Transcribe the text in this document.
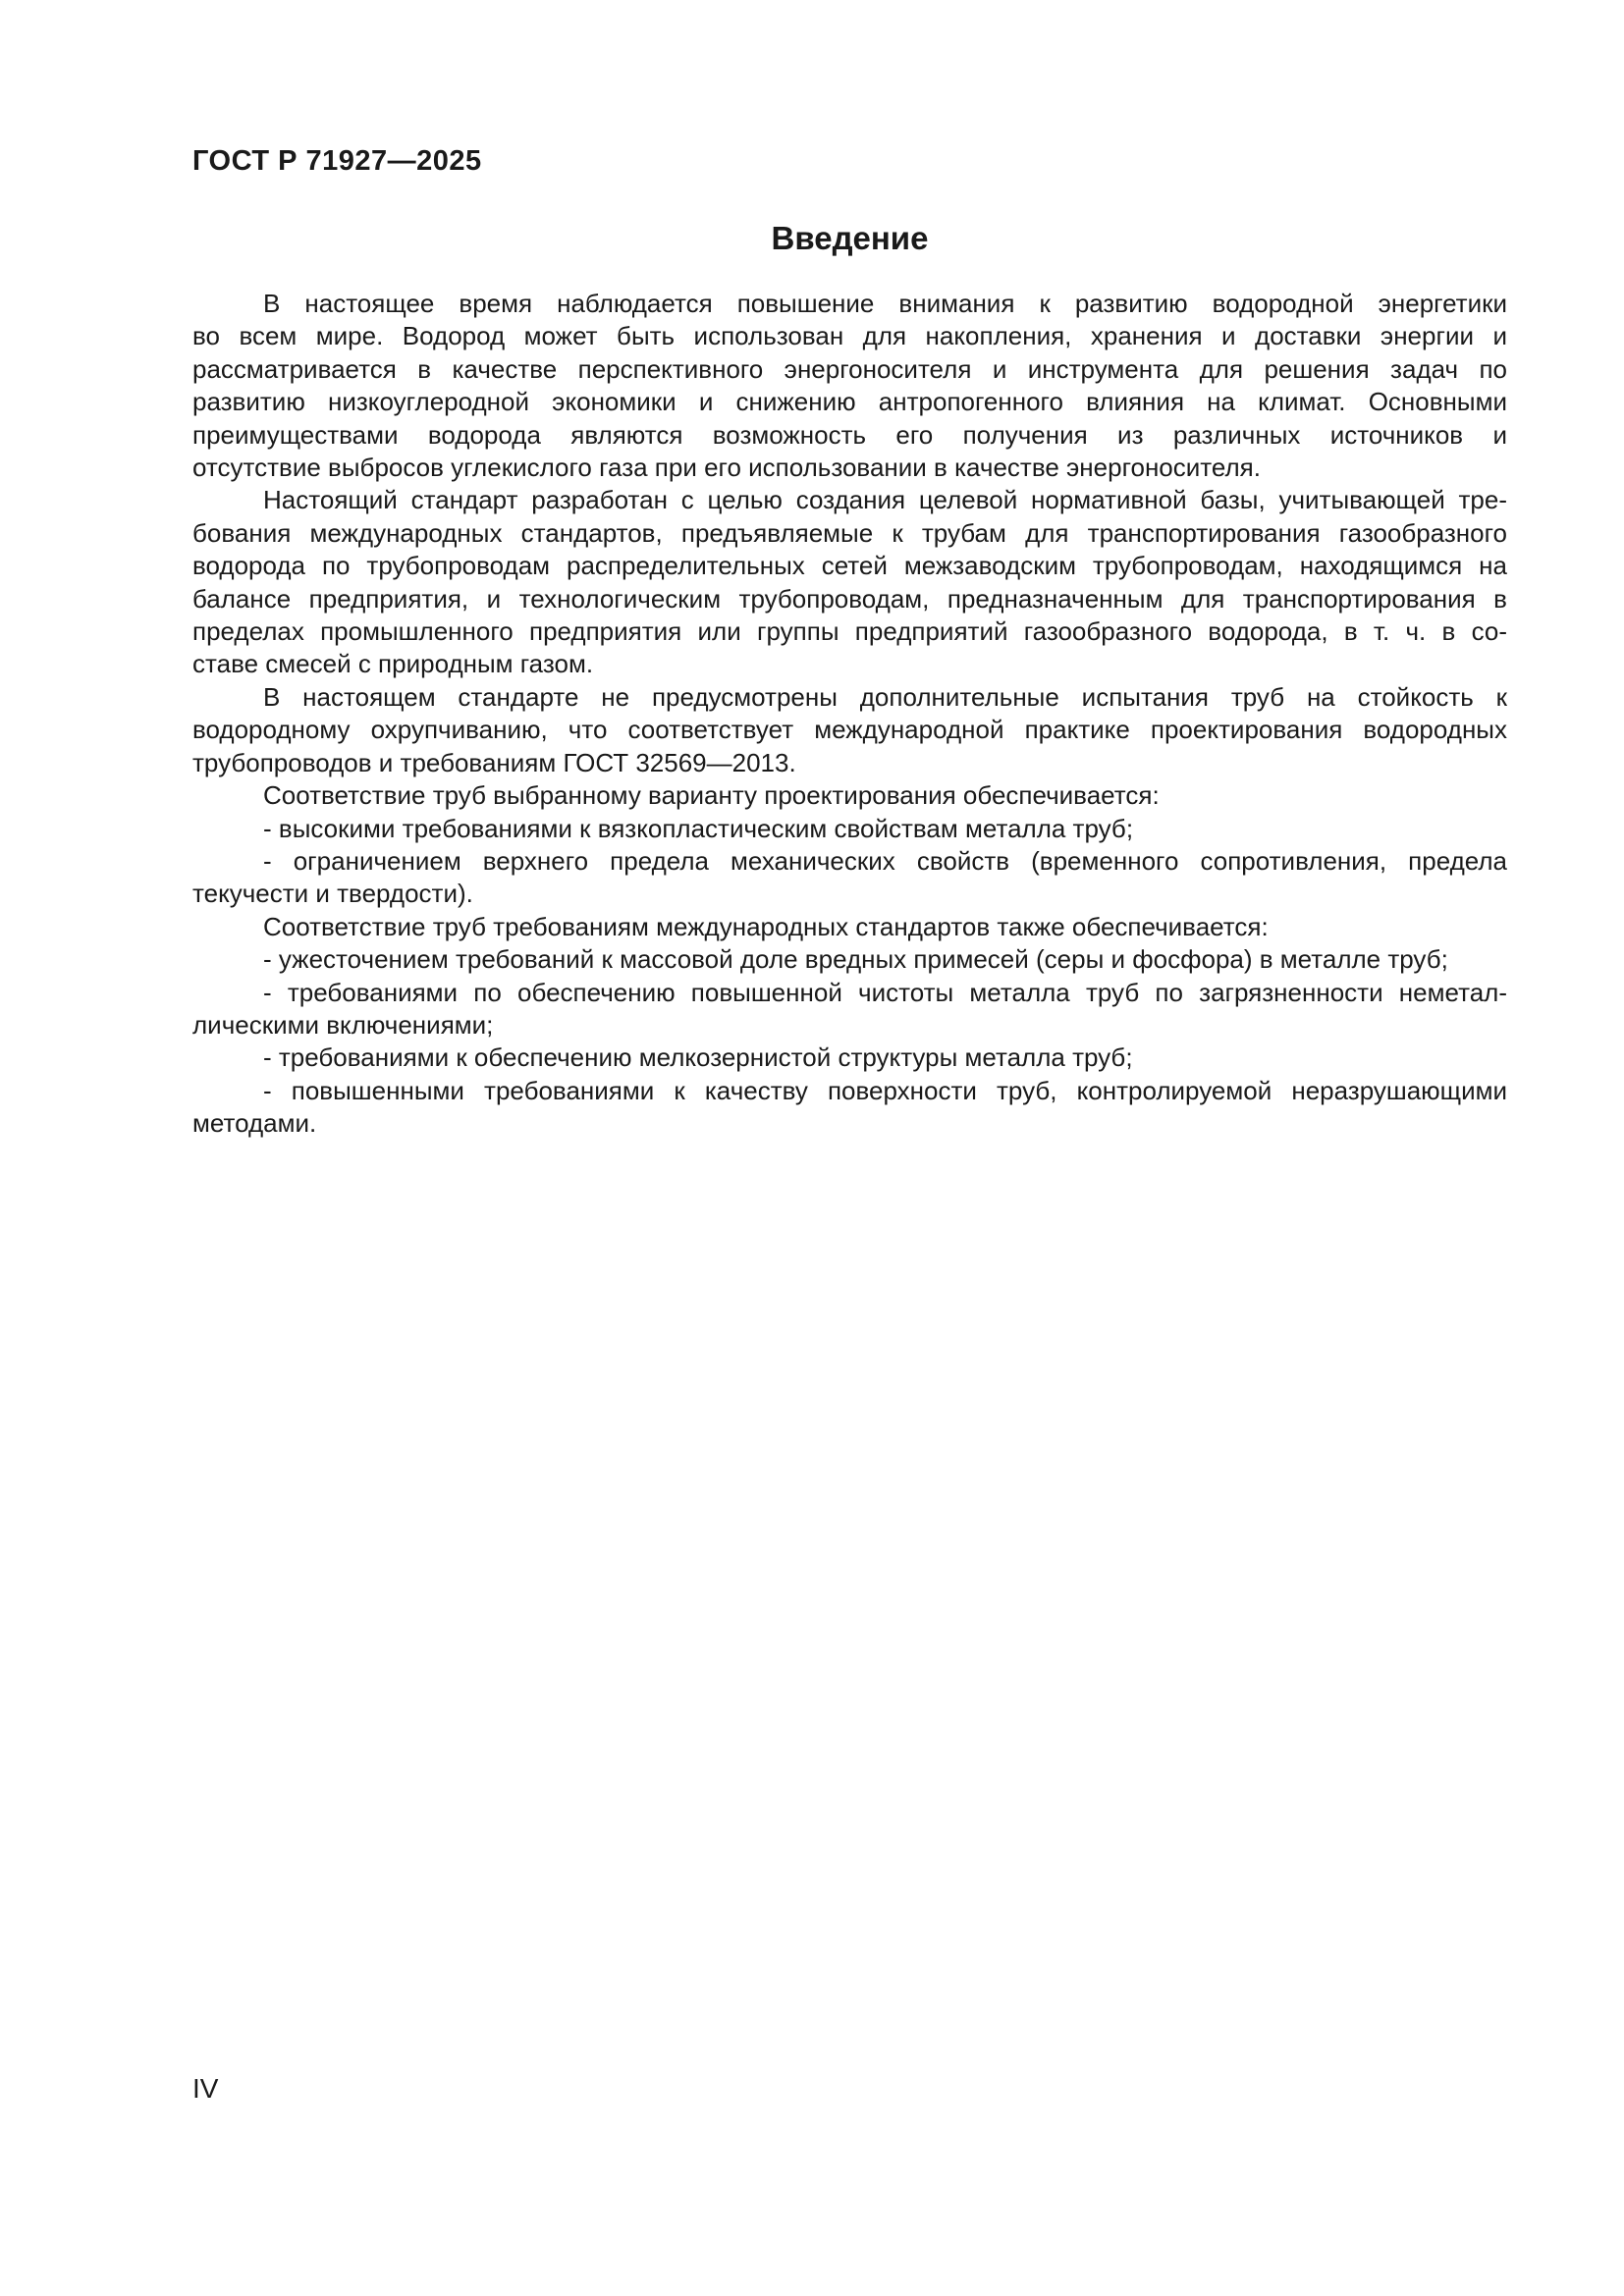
ГОСТ Р 71927—2025
Введение
В настоящее время наблюдается повышение внимания к развитию водородной энергетики
во всем мире. Водород может быть использован для накопления, хранения и доставки энергии и
рассматривается в качестве перспективного энергоносителя и инструмента для решения задач по
развитию низкоуглеродной экономики и снижению антропогенного влияния на климат. Основными
преимуществами водорода являются возможность его получения из различных источников и
отсутствие выбросов углекислого газа при его использовании в качестве энергоносителя.
Настоящий стандарт разработан с целью создания целевой нормативной базы, учитывающей тре-
бования международных стандартов, предъявляемые к трубам для транспортирования газообразного
водорода по трубопроводам распределительных сетей межзаводским трубопроводам, находящимся на
балансе предприятия, и технологическим трубопроводам, предназначенным для транспортирования в
пределах промышленного предприятия или группы предприятий газообразного водорода, в т. ч. в со-
ставе смесей с природным газом.
В настоящем стандарте не предусмотрены дополнительные испытания труб на стойкость к
водородному охрупчиванию, что соответствует международной практике проектирования водородных
трубопроводов и требованиям ГОСТ 32569—2013.
Соответствие труб выбранному варианту проектирования обеспечивается:
- высокими требованиями к вязкопластическим свойствам металла труб;
- ограничением верхнего предела механических свойств (временного сопротивления, предела
текучести и твердости).
Соответствие труб требованиям международных стандартов также обеспечивается:
- ужесточением требований к массовой доле вредных примесей (серы и фосфора) в металле труб;
- требованиями по обеспечению повышенной чистоты металла труб по загрязненности неметал-
лическими включениями;
- требованиями к обеспечению мелкозернистой структуры металла труб;
- повышенными требованиями к качеству поверхности труб, контролируемой неразрушающими
методами.
IV
